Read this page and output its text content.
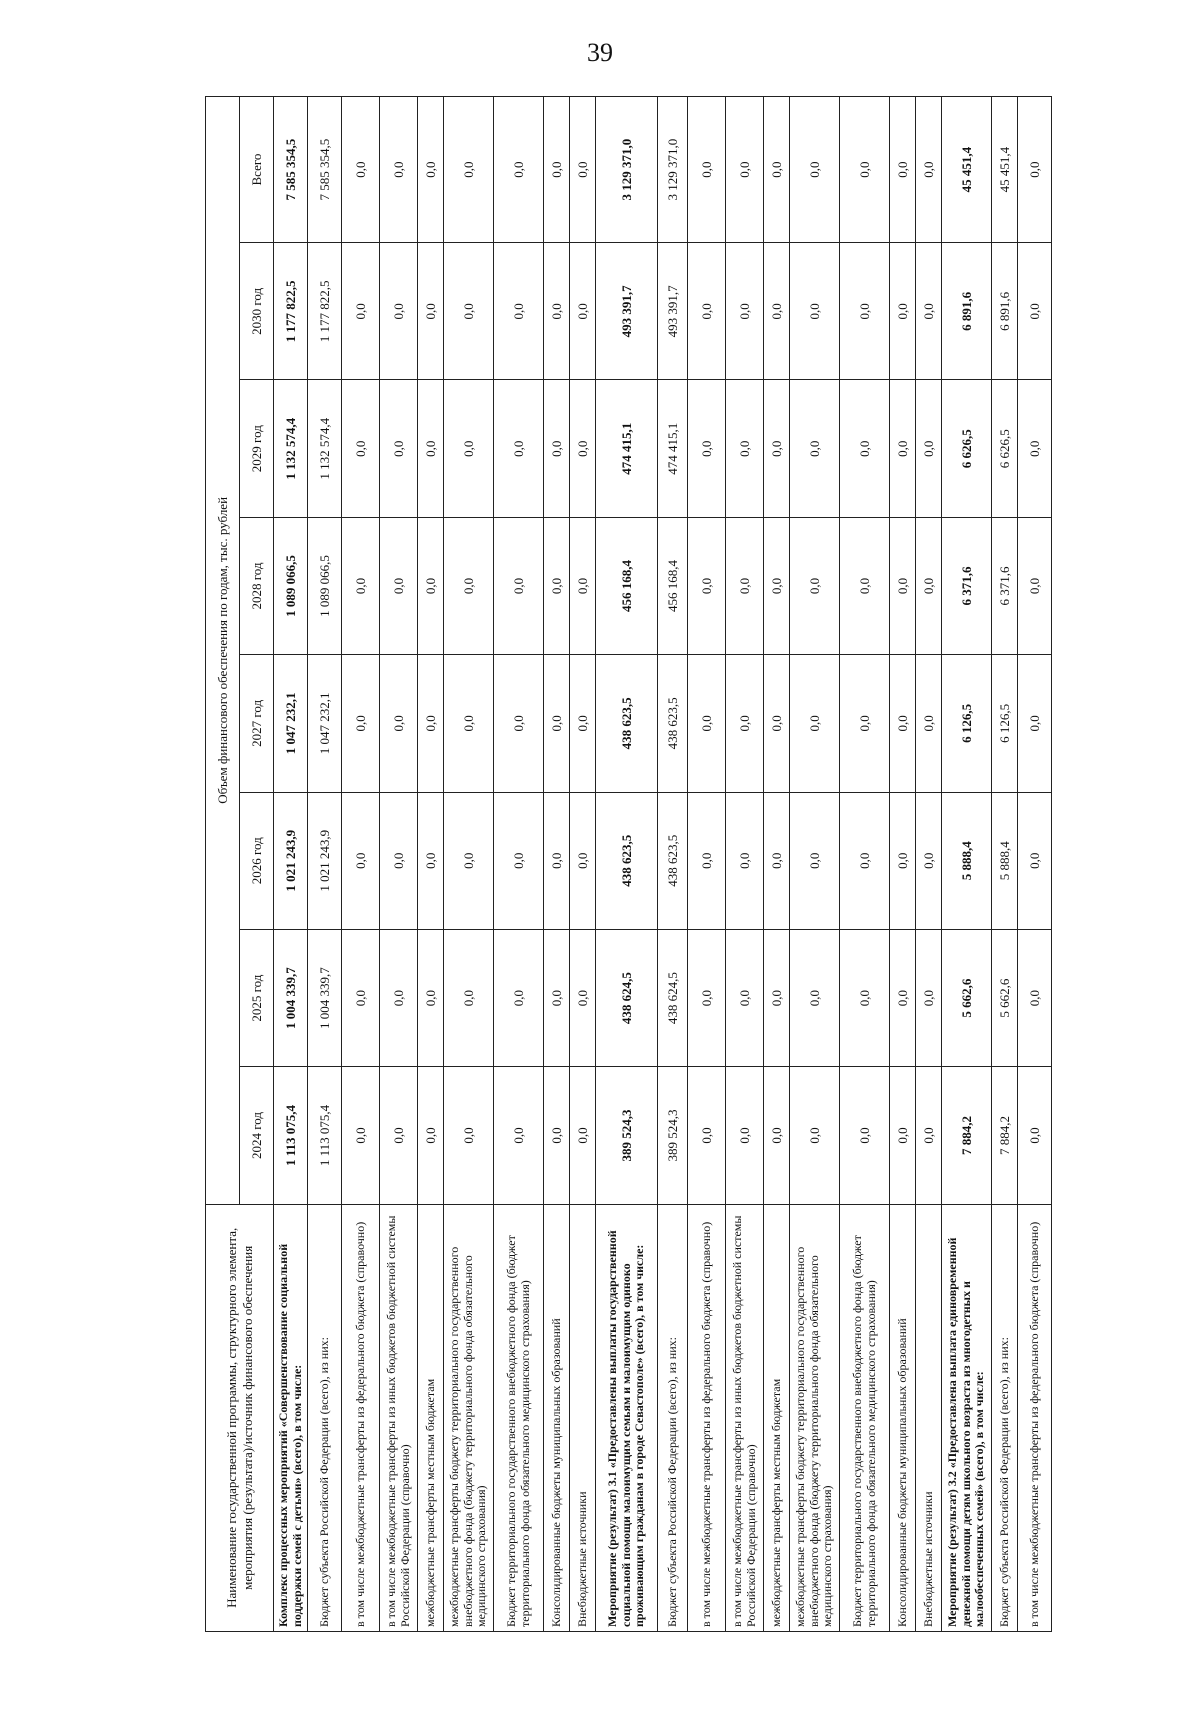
39
Наименование государственной программы, структурного элемента, мероприятия (результата)/источник финансового обеспечения	Объем финансового обеспечения по годам, тыс. рублей							
	2024 год	2025 год	2026 год	2027 год	2028 год	2029 год	2030 год	Всего
Комплекс процессных мероприятий «Совершенствование социальной поддержки семей с детьми» (всего), в том числе:	1 113 075,4	1 004 339,7	1 021 243,9	1 047 232,1	1 089 066,5	1 132 574,4	1 177 822,5	7 585 354,5
Бюджет субъекта Российской Федерации (всего), из них:	1 113 075,4	1 004 339,7	1 021 243,9	1 047 232,1	1 089 066,5	1 132 574,4	1 177 822,5	7 585 354,5
в том числе межбюджетные трансферты из федерального бюджета (справочно)	0,0	0,0	0,0	0,0	0,0	0,0	0,0	0,0
в том числе межбюджетные трансферты из иных бюджетов бюджетной системы Российской Федерации (справочно)	0,0	0,0	0,0	0,0	0,0	0,0	0,0	0,0
межбюджетные трансферты местным бюджетам	0,0	0,0	0,0	0,0	0,0	0,0	0,0	0,0
межбюджетные трансферты бюджету территориального государственного внебюджетного фонда (бюджету территориального фонда обязательного медицинского страхования)	0,0	0,0	0,0	0,0	0,0	0,0	0,0	0,0
Бюджет территориального государственного внебюджетного фонда (бюджет территориального фонда обязательного медицинского страхования)	0,0	0,0	0,0	0,0	0,0	0,0	0,0	0,0
Консолидированные бюджеты муниципальных образований	0,0	0,0	0,0	0,0	0,0	0,0	0,0	0,0
Внебюджетные источники	0,0	0,0	0,0	0,0	0,0	0,0	0,0	0,0
Мероприятие (результат) 3.1 «Предоставлены выплаты государственной социальной помощи малоимущим семьям и малоимущим одиноко проживающим гражданам в городе Севастополе» (всего), в том числе:	389 524,3	438 624,5	438 623,5	438 623,5	456 168,4	474 415,1	493 391,7	3 129 371,0
Бюджет субъекта Российской Федерации (всего), из них:	389 524,3	438 624,5	438 623,5	438 623,5	456 168,4	474 415,1	493 391,7	3 129 371,0
в том числе межбюджетные трансферты из федерального бюджета (справочно)	0,0	0,0	0,0	0,0	0,0	0,0	0,0	0,0
в том числе межбюджетные трансферты из иных бюджетов бюджетной системы Российской Федерации (справочно)	0,0	0,0	0,0	0,0	0,0	0,0	0,0	0,0
межбюджетные трансферты местным бюджетам	0,0	0,0	0,0	0,0	0,0	0,0	0,0	0,0
межбюджетные трансферты бюджету территориального государственного внебюджетного фонда (бюджету территориального фонда обязательного медицинского страхования)	0,0	0,0	0,0	0,0	0,0	0,0	0,0	0,0
Бюджет территориального государственного внебюджетного фонда (бюджет территориального фонда обязательного медицинского страхования)	0,0	0,0	0,0	0,0	0,0	0,0	0,0	0,0
Консолидированные бюджеты муниципальных образований	0,0	0,0	0,0	0,0	0,0	0,0	0,0	0,0
Внебюджетные источники	0,0	0,0	0,0	0,0	0,0	0,0	0,0	0,0
Мероприятие (результат) 3.2 «Предоставлена выплата единовременной денежной помощи детям школьного возраста из многодетных и малообеспеченных семей» (всего), в том числе:	7 884,2	5 662,6	5 888,4	6 126,5	6 371,6	6 626,5	6 891,6	45 451,4
Бюджет субъекта Российской Федерации (всего), из них:	7 884,2	5 662,6	5 888,4	6 126,5	6 371,6	6 626,5	6 891,6	45 451,4
в том числе межбюджетные трансферты из федерального бюджета (справочно)	0,0	0,0	0,0	0,0	0,0	0,0	0,0	0,0
